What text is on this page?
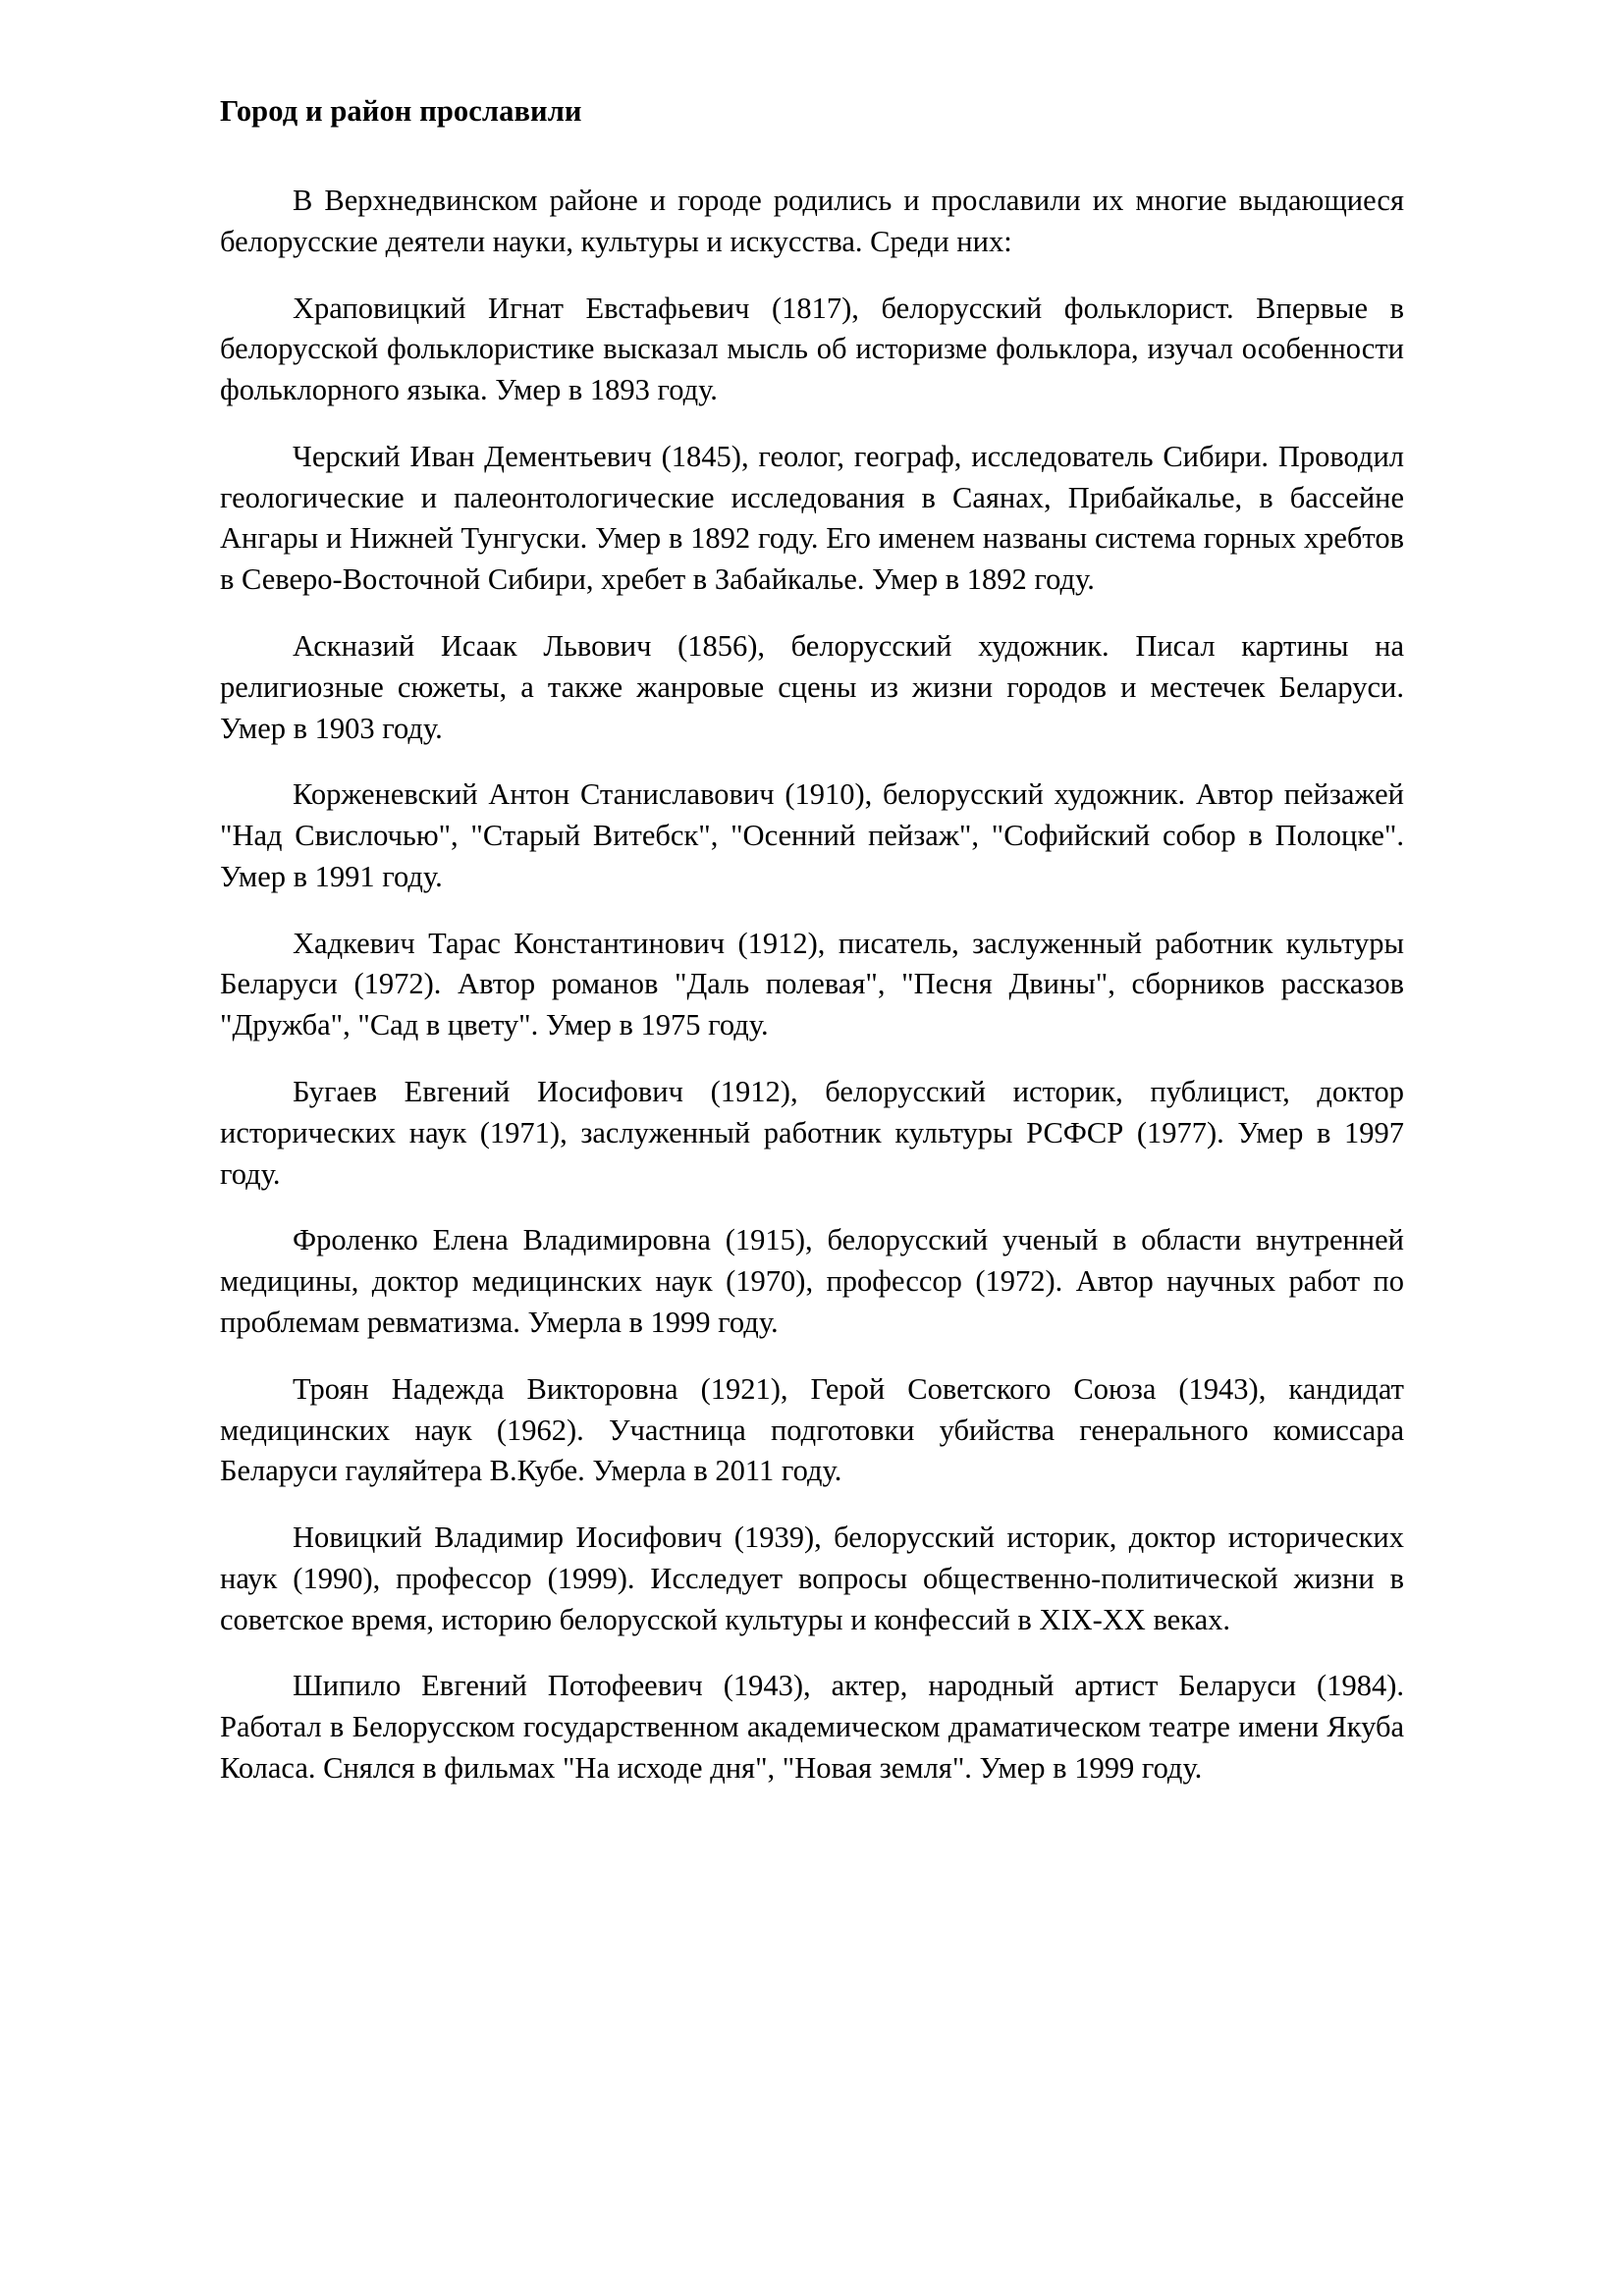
Город и район прославили

В Верхнедвинском районе и городе родились и прославили их многие выдающиеся белорусские деятели науки, культуры и искусства. Среди них:

Храповицкий Игнат Евстафьевич (1817), белорусский фольклорист. Впервые в белорусской фольклористике высказал мысль об историзме фольклора, изучал особенности фольклорного языка. Умер в 1893 году.

Черский Иван Дементьевич (1845), геолог, географ, исследователь Сибири. Проводил геологические и палеонтологические исследования в Саянах, Прибайкалье, в бассейне Ангары и Нижней Тунгуски. Умер в 1892 году. Его именем названы система горных хребтов в Северо-Восточной Сибири, хребет в Забайкалье. Умер в 1892 году.

Аскназий Исаак Львович (1856), белорусский художник. Писал картины на религиозные сюжеты, а также жанровые сцены из жизни городов и местечек Беларуси. Умер в 1903 году.

Корженевский Антон Станиславович (1910), белорусский художник. Автор пейзажей "Над Свислочью", "Старый Витебск", "Осенний пейзаж", "Софийский собор в Полоцке". Умер в 1991 году.

Хадкевич Тарас Константинович (1912), писатель, заслуженный работник культуры Беларуси (1972). Автор романов "Даль полевая", "Песня Двины", сборников рассказов "Дружба", "Сад в цвету". Умер в 1975 году.

Бугаев Евгений Иосифович (1912), белорусский историк, публицист, доктор исторических наук (1971), заслуженный работник культуры РСФСР (1977). Умер в 1997 году.

Фроленко Елена Владимировна (1915), белорусский ученый в области внутренней медицины, доктор медицинских наук (1970), профессор (1972). Автор научных работ по проблемам ревматизма. Умерла в 1999 году.

Троян Надежда Викторовна (1921), Герой Советского Союза (1943), кандидат медицинских наук (1962). Участница подготовки убийства генерального комиссара Беларуси гауляйтера В.Кубе. Умерла в 2011 году.

Новицкий Владимир Иосифович (1939), белорусский историк, доктор исторических наук (1990), профессор (1999). Исследует вопросы общественно-политической жизни в советское время, историю белорусской культуры и конфессий в XIX-XX веках.

Шипило Евгений Потофеевич (1943), актер, народный артист Беларуси (1984). Работал в Белорусском государственном академическом драматическом театре имени Якуба Коласа. Снялся в фильмах "На исходе дня", "Новая земля". Умер в 1999 году.
